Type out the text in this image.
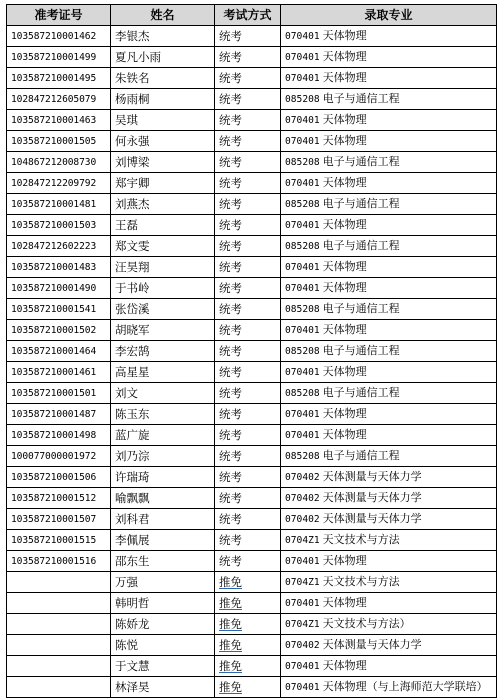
准考证号	姓名	考试方式	录取专业
103587210001462	李银杰	统考	070401 天体物理
103587210001499	夏凡小雨	统考	070401 天体物理
103587210001495	朱铁名	统考	070401 天体物理
102847212605079	杨雨桐	统考	085208 电子与通信工程
103587210001463	吴琪	统考	070401 天体物理
103587210001505	何永强	统考	070401 天体物理
104867212008730	刘博梁	统考	085208 电子与通信工程
102847212209792	郑宇卿	统考	070401 天体物理
103587210001481	刘燕杰	统考	085208 电子与通信工程
103587210001503	王磊	统考	070401 天体物理
102847212602223	郑文雯	统考	085208 电子与通信工程
103587210001483	汪昊翔	统考	070401 天体物理
103587210001490	于书岭	统考	070401 天体物理
103587210001541	张岱溪	统考	085208 电子与通信工程
103587210001502	胡晓军	统考	070401 天体物理
103587210001464	李宏鹄	统考	085208 电子与通信工程
103587210001461	高星星	统考	070401 天体物理
103587210001501	刘文	统考	085208 电子与通信工程
103587210001487	陈玉东	统考	070401 天体物理
103587210001498	蓝广旋	统考	070401 天体物理
100077000001972	刘乃淙	统考	085208 电子与通信工程
103587210001506	许瑞琦	统考	070402 天体测量与天体力学
103587210001512	喻飘飘	统考	070402 天体测量与天体力学
103587210001507	刘科君	统考	070402 天体测量与天体力学
103587210001515	李佩展	统考	0704Z1 天文技术与方法
103587210001516	邵东生	统考	070401 天体物理
	万强	推免	0704Z1 天文技术与方法
	韩明哲	推免	070401 天体物理
	陈娇龙	推免	0704Z1 天文技术与方法）
	陈悦	推免	070402 天体测量与天体力学
	于文慧	推免	070401 天体物理
	林泽昊	推免	070401 天体物理（与上海师范大学联培）
